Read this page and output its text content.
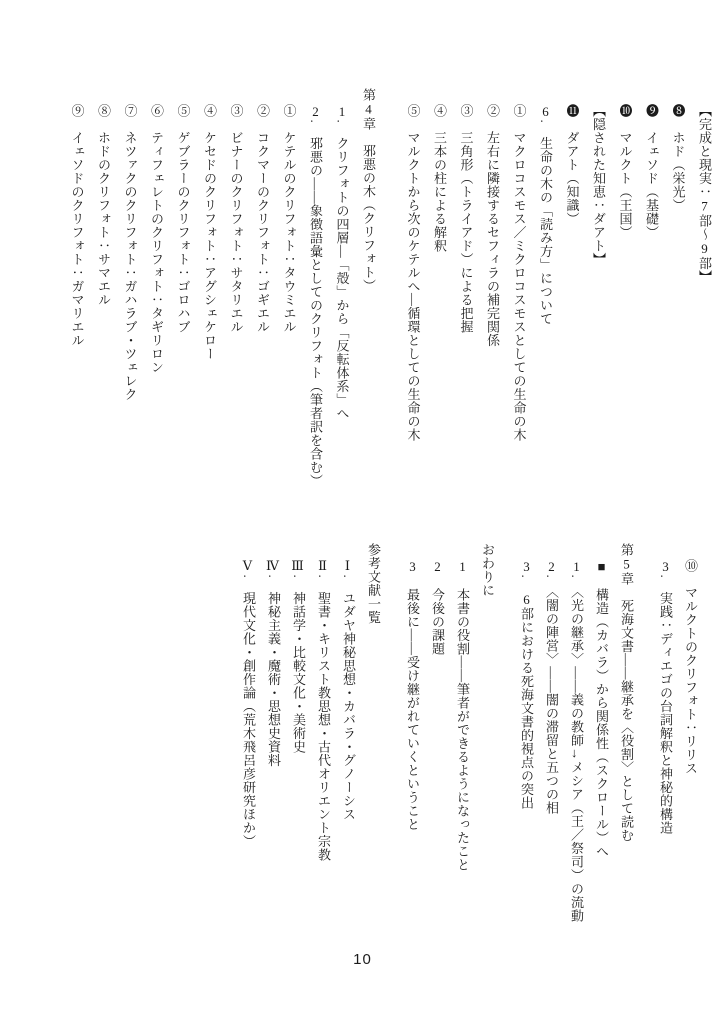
【完成と現実：7部〜9部】
❽　ホド（栄光）
❾　イェソド（基礎）
❿　マルクト（王国）
【隠された知恵：ダアト】
⓫　ダアト（知識）
6.　生命の木の「読み方」について
①　マクロコスモス／ミクロコスモスとしての生命の木
②　左右に隣接するセフィラの補完関係
③　三角形（トライアド）による把握
④　三本の柱による解釈
⑤　マルクトから次のケテルへ—循環としての生命の木
第4章　邪悪の木（クリフォト）
1.　クリフォトの四層—「殻」から「反転体系」へ
2.　邪悪の——象徴語彙としてのクリフォト（筆者訳を含む）
①　ケテルのクリフォト：タウミエル
②　コクマーのクリフォト：ゴギエル
③　ビナーのクリフォト：サタリエル
④　ケセドのクリフォト：アグシェケロー
⑤　ゲブラーのクリフォト：ゴロハブ
⑥　ティフェレトのクリフォト：タギリロン
⑦　ネツァクのクリフォト：ガハラブ・ツェレク
⑧　ホドのクリフォト：サマエル
⑨　イェソドのクリフォト：ガマリエル
⑩　マルクトのクリフォト：リリス
3.　実践：ディエゴの台詞解釈と神秘的構造
第5章　死海文書——継承を〈役割〉として読む
■　構造（カバラ）から関係性（スクロール）へ
1.　〈光の継承〉——義の教師→メシア（王／祭司）の流動
2.　〈闇の陣営〉——闇の滞留と五つの相
3.　6部における死海文書的視点の突出
おわりに
1　本書の役割——筆者ができるようになったこと
2　今後の課題
3　最後に——受け継がれていくということ
参考文献一覧
Ⅰ.　ユダヤ神秘思想・カバラ・グノーシス
Ⅱ.　聖書・キリスト教思想・古代オリエント宗教
Ⅲ.　神話学・比較文化・美術史
Ⅳ.　神秘主義・魔術・思想史資料
Ⅴ.　現代文化・創作論（荒木飛呂彦研究ほか）
10
